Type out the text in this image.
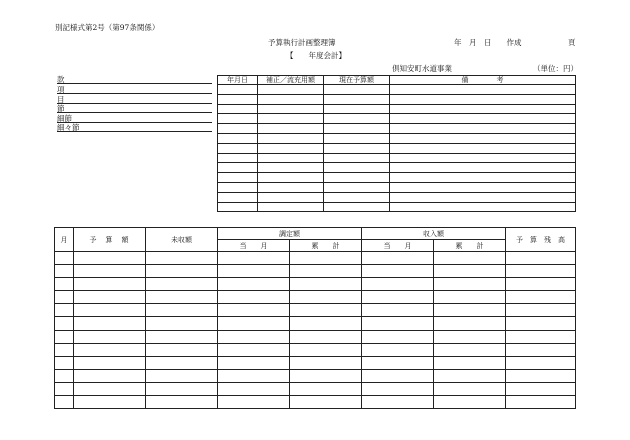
別記様式第2号（第97条関係）
予算執行計画整理簿	年　月　日　　作成	頁
【　　年度会計】
倶知安町水道事業	（単位：円）
款
項
目
節
細節
細々節
年月日	補正／流充用額	現在予算額	備　　　　考

月	予　算　額	未収額	調定額		収入額		予　算　残　高
			当　　月	累　　計	当　　月	累　　計	
